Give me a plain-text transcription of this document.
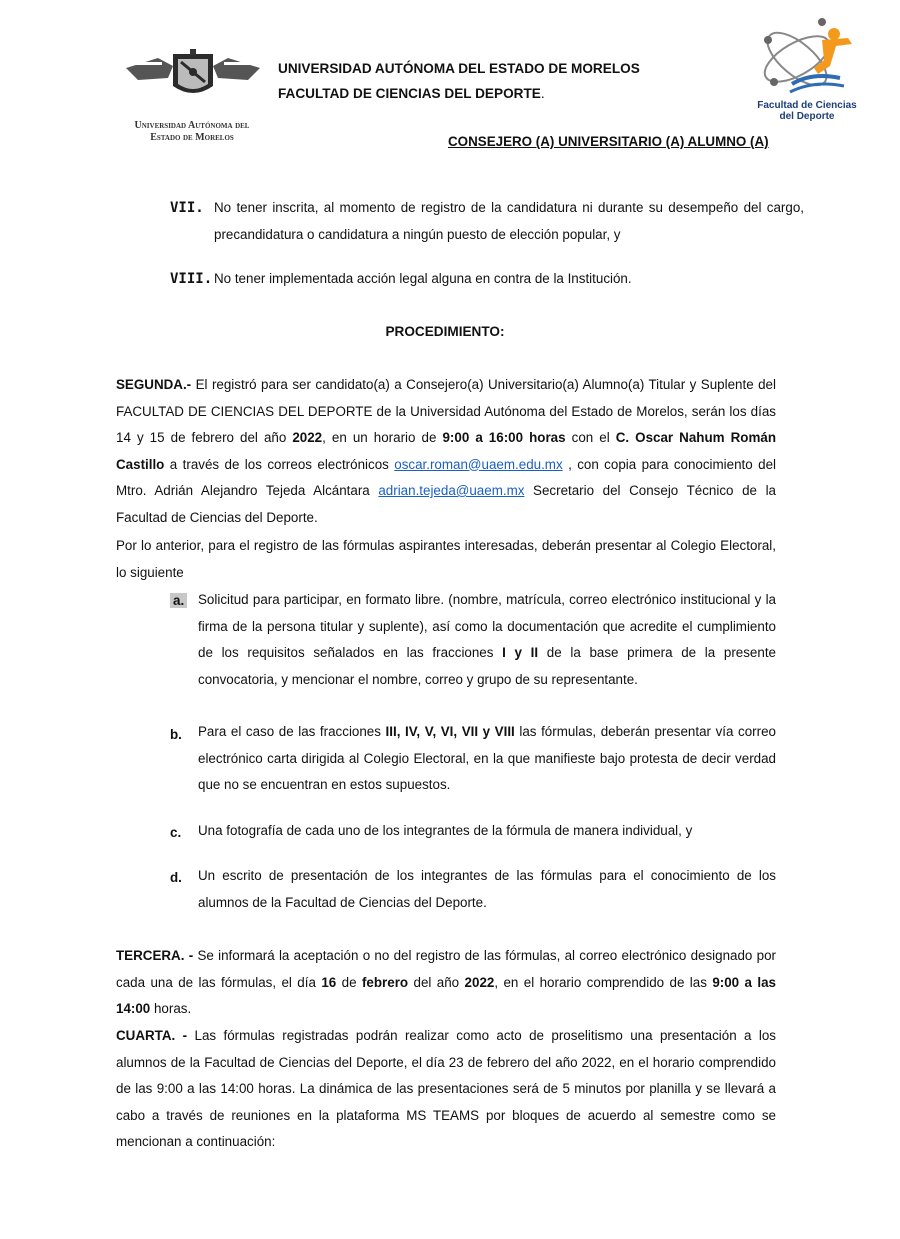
Universidad Autónoma del
Estado de Morelos
UNIVERSIDAD AUTÓNOMA DEL ESTADO DE MORELOS
FACULTAD DE CIENCIAS DEL DEPORTE.
Facultad de Ciencias
del Deporte
CONSEJERO (A) UNIVERSITARIO (A) ALUMNO (A)
VII. No tener inscrita, al momento de registro de la candidatura ni durante su desempeño del cargo,
precandidatura o candidatura a ningún puesto de elección popular, y
VIII. No tener implementada acción legal alguna en contra de la Institución.
PROCEDIMIENTO:
SEGUNDA.- El registró para ser candidato(a) a Consejero(a) Universitario(a) Alumno(a) Titular y Suplente del FACULTAD DE CIENCIAS DEL DEPORTE de la Universidad Autónoma del Estado de Morelos, serán los días 14 y 15 de febrero del año 2022, en un horario de 9:00 a 16:00 horas con el C. Oscar Nahum Román Castillo a través de los correos electrónicos oscar.roman@uaem.edu.mx , con copia para conocimiento del Mtro. Adrián Alejandro Tejeda Alcántara adrian.tejeda@uaem.mx Secretario del Consejo Técnico de la Facultad de Ciencias del Deporte.
Por lo anterior, para el registro de las fórmulas aspirantes interesadas, deberán presentar al Colegio Electoral, lo siguiente
a. Solicitud para participar, en formato libre. (nombre, matrícula, correo electrónico institucional y la firma de la persona titular y suplente), así como la documentación que acredite el cumplimiento de los requisitos señalados en las fracciones I y II de la base primera de la presente convocatoria, y mencionar el nombre, correo y grupo de su representante.
b. Para el caso de las fracciones III, IV, V, VI, VII y VIII las fórmulas, deberán presentar vía correo electrónico carta dirigida al Colegio Electoral, en la que manifieste bajo protesta de decir verdad que no se encuentran en estos supuestos.
c. Una fotografía de cada uno de los integrantes de la fórmula de manera individual, y
d. Un escrito de presentación de los integrantes de las fórmulas para el conocimiento de los alumnos de la Facultad de Ciencias del Deporte.
TERCERA. - Se informará la aceptación o no del registro de las fórmulas, al correo electrónico designado por cada una de las fórmulas, el día 16 de febrero del año 2022, en el horario comprendido de las 9:00 a las 14:00 horas.
CUARTA. - Las fórmulas registradas podrán realizar como acto de proselitismo una presentación a los alumnos de la Facultad de Ciencias del Deporte, el día 23 de febrero del año 2022, en el horario comprendido de las 9:00 a las 14:00 horas. La dinámica de las presentaciones será de 5 minutos por planilla y se llevará a cabo a través de reuniones en la plataforma MS TEAMS por bloques de acuerdo al semestre como se mencionan a continuación:
